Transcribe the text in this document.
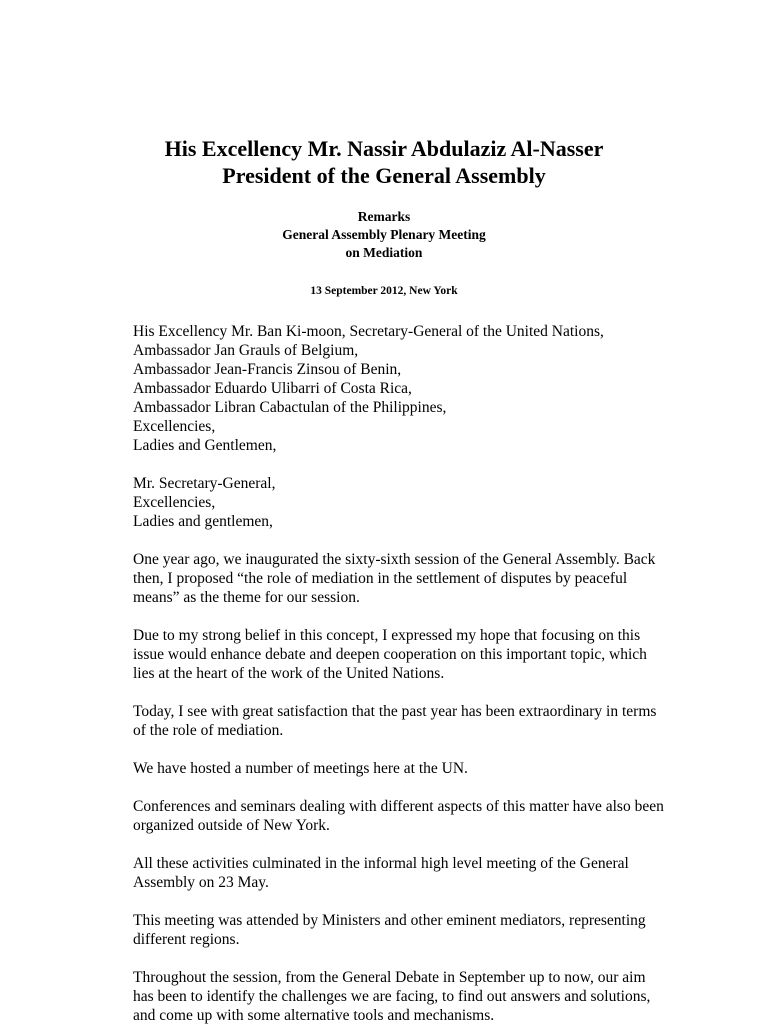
His Excellency Mr. Nassir Abdulaziz Al-Nasser
President of the General Assembly

Remarks

General Assembly Plenary Meeting

on Mediation

13 September 2012, New York

His Excellency Mr. Ban Ki-moon, Secretary-General of the United Nations,
Ambassador Jan Grauls of Belgium,
Ambassador Jean-Francis Zinsou of Benin,
Ambassador Eduardo Ulibarri of Costa Rica,
Ambassador Libran Cabactulan of the Philippines,
Excellencies,
Ladies and Gentlemen,
Mr. Secretary-General,
Excellencies,
Ladies and gentlemen,
One year ago, we inaugurated the sixty-sixth session of the General Assembly. Back
then, I proposed “the role of mediation in the settlement of disputes by peaceful
means” as the theme for our session.
Due to my strong belief in this concept, I expressed my hope that focusing on this
issue would enhance debate and deepen cooperation on this important topic, which
lies at the heart of the work of the United Nations.
Today, I see with great satisfaction that the past year has been extraordinary in terms
of the role of mediation.
We have hosted a number of meetings here at the UN.
Conferences and seminars dealing with different aspects of this matter have also been
organized outside of New York.
All these activities culminated in the informal high level meeting of the General
Assembly on 23 May.
This meeting was attended by Ministers and other eminent mediators, representing
different regions.
Throughout the session, from the General Debate in September up to now, our aim
has been to identify the challenges we are facing, to find out answers and solutions,
and come up with some alternative tools and mechanisms.
